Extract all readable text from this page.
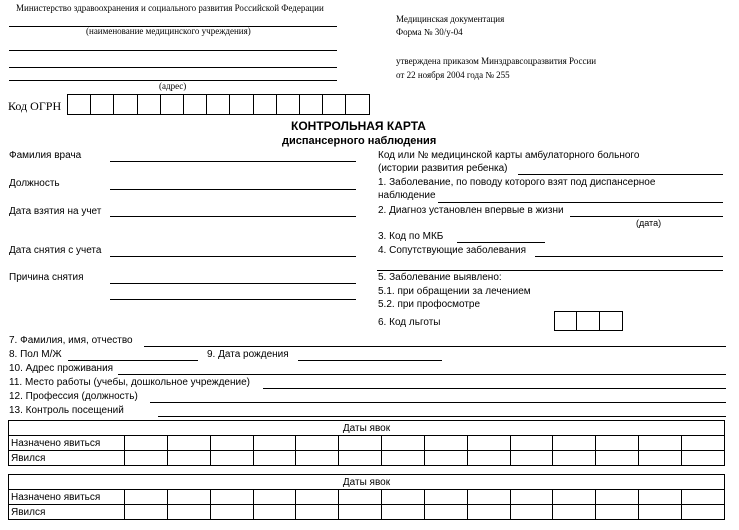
Министерство здравоохранения и социального развития Российской Федерации
(наименование медицинского учреждения)
(адрес)
Медицинская документация
Форма № 30/у-04
утверждена приказом Минздравсоцразвития России
от 22 ноября 2004 года № 255
Код ОГРН
КОНТРОЛЬНАЯ КАРТА
диспансерного наблюдения
Фамилия врача
Должность
Дата взятия на учет
Дата снятия с учета
Причина снятия
Код или № медицинской карты амбулаторного больного
(истории развития ребенка)
1. Заболевание, по поводу которого взят под диспансерное
наблюдение
2. Диагноз установлен впервые в жизни
(дата)
3. Код по МКБ
4. Сопутствующие заболевания
5. Заболевание выявлено:
5.1. при обращении за лечением
5.2. при профосмотре
6. Код льготы
7. Фамилия, имя, отчество
8. Пол М/Ж	9. Дата рождения
10. Адрес проживания
11. Место работы (учебы, дошкольное учреждение)
12. Профессия (должность)
13. Контроль посещений
Даты явок														
Назначено явиться														
Явился														
Даты явок														
Назначено явиться														
Явился														
